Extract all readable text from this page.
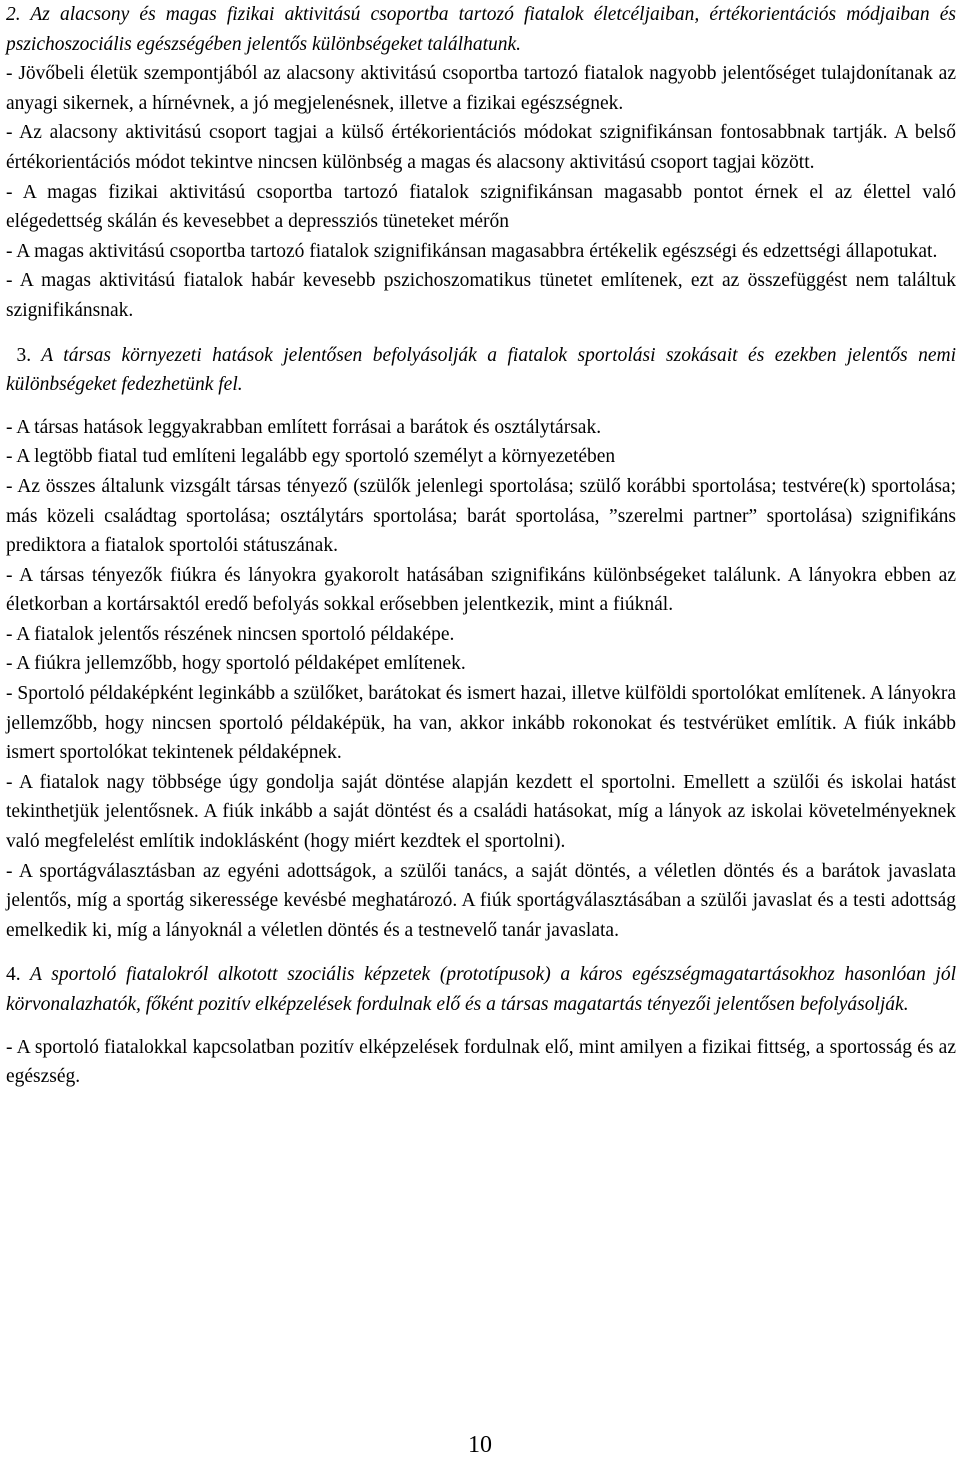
2. Az alacsony és magas fizikai aktivitású csoportba tartozó fiatalok életcéljaiban, értékorientációs módjaiban és pszichoszociális egészségében jelentős különbségeket találhatunk.

- Jövőbeli életük szempontjából az alacsony aktivitású csoportba tartozó fiatalok nagyobb jelentőséget tulajdonítanak az anyagi sikernek, a hírnévnek, a jó megjelenésnek, illetve a fizikai egészségnek.

- Az alacsony aktivitású csoport tagjai a külső értékorientációs módokat szignifikánsan fontosabbnak tartják. A belső értékorientációs módot tekintve nincsen különbség a magas és alacsony aktivitású csoport tagjai között.

- A magas fizikai aktivitású csoportba tartozó fiatalok szignifikánsan magasabb pontot érnek el az élettel való elégedettség skálán és kevesebbet a depressziós tüneteket mérőn

- A magas aktivitású csoportba tartozó fiatalok szignifikánsan magasabbra értékelik egészségi és edzettségi állapotukat.

- A magas aktivitású fiatalok habár kevesebb pszichoszomatikus tünetet említenek, ezt az összefüggést nem találtuk szignifikánsnak.

3. A társas környezeti hatások jelentősen befolyásolják a fiatalok sportolási szokásait és ezekben jelentős nemi különbségeket fedezhetünk fel.

- A társas hatások leggyakrabban említett forrásai a barátok és osztálytársak.

- A legtöbb fiatal tud említeni legalább egy sportoló személyt a környezetében

- Az összes általunk vizsgált társas tényező (szülők jelenlegi sportolása; szülő korábbi sportolása; testvére(k) sportolása; más közeli családtag sportolása; osztálytárs sportolása; barát sportolása, ”szerelmi partner” sportolása) szignifikáns prediktora a fiatalok sportolói státuszának.

- A társas tényezők fiúkra és lányokra gyakorolt hatásában szignifikáns különbségeket találunk. A lányokra ebben az életkorban a kortársaktól eredő befolyás sokkal erősebben jelentkezik, mint a fiúknál.

- A fiatalok jelentős részének nincsen sportoló példaképe.

- A fiúkra jellemzőbb, hogy sportoló példaképet említenek.

- Sportoló példaképként leginkább a szülőket, barátokat és ismert hazai, illetve külföldi sportolókat említenek. A lányokra jellemzőbb, hogy nincsen sportoló példaképük, ha van, akkor inkább rokonokat és testvérüket említik. A fiúk inkább ismert sportolókat tekintenek példaképnek.

- A fiatalok nagy többsége úgy gondolja saját döntése alapján kezdett el sportolni. Emellett a szülői és iskolai hatást tekinthetjük jelentősnek. A fiúk inkább a saját döntést és a családi hatásokat, míg a lányok az iskolai követelményeknek való megfelelést említik indoklásként (hogy miért kezdtek el sportolni).

- A sportágválasztásban az egyéni adottságok, a szülői tanács, a saját döntés, a véletlen döntés és a barátok javaslata jelentős, míg a sportág sikeressége kevésbé meghatározó. A fiúk sportágválasztásában a szülői javaslat és a testi adottság emelkedik ki, míg a lányoknál a véletlen döntés és a testnevelő tanár javaslata.

4. A sportoló fiatalokról alkotott szociális képzetek (prototípusok) a káros egészségmagatartásokhoz hasonlóan jól körvonalazhatók, főként pozitív elképzelések fordulnak elő és a társas magatartás tényezői jelentősen befolyásolják.

- A sportoló fiatalokkal kapcsolatban pozitív elképzelések fordulnak elő, mint amilyen a fizikai fittség, a sportosság és az egészség.

10
